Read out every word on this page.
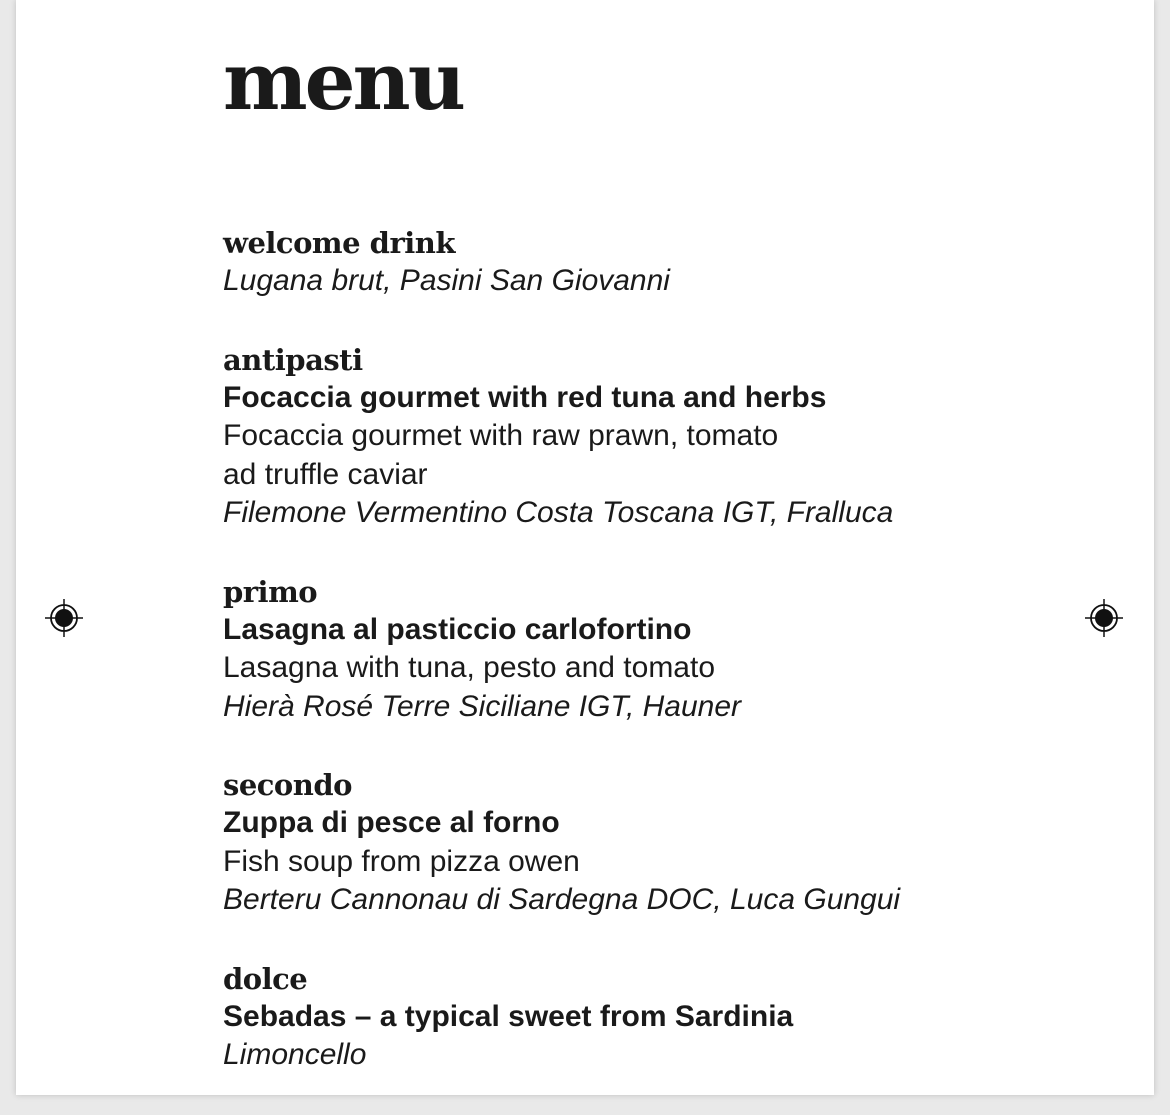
menu
welcome drink
Lugana brut, Pasini San Giovanni
antipasti
Focaccia gourmet with red tuna and herbs
Focaccia gourmet with raw prawn, tomato
ad truffle caviar
Filemone Vermentino Costa Toscana IGT, Fralluca
primo
Lasagna al pasticcio carlofortino
Lasagna with tuna, pesto and tomato
Hierà Rosé Terre Siciliane IGT, Hauner
secondo
Zuppa di pesce al forno
Fish soup from pizza owen
Berteru Cannonau di Sardegna DOC, Luca Gungui
dolce
Sebadas – a typical sweet from Sardinia
Limoncello
